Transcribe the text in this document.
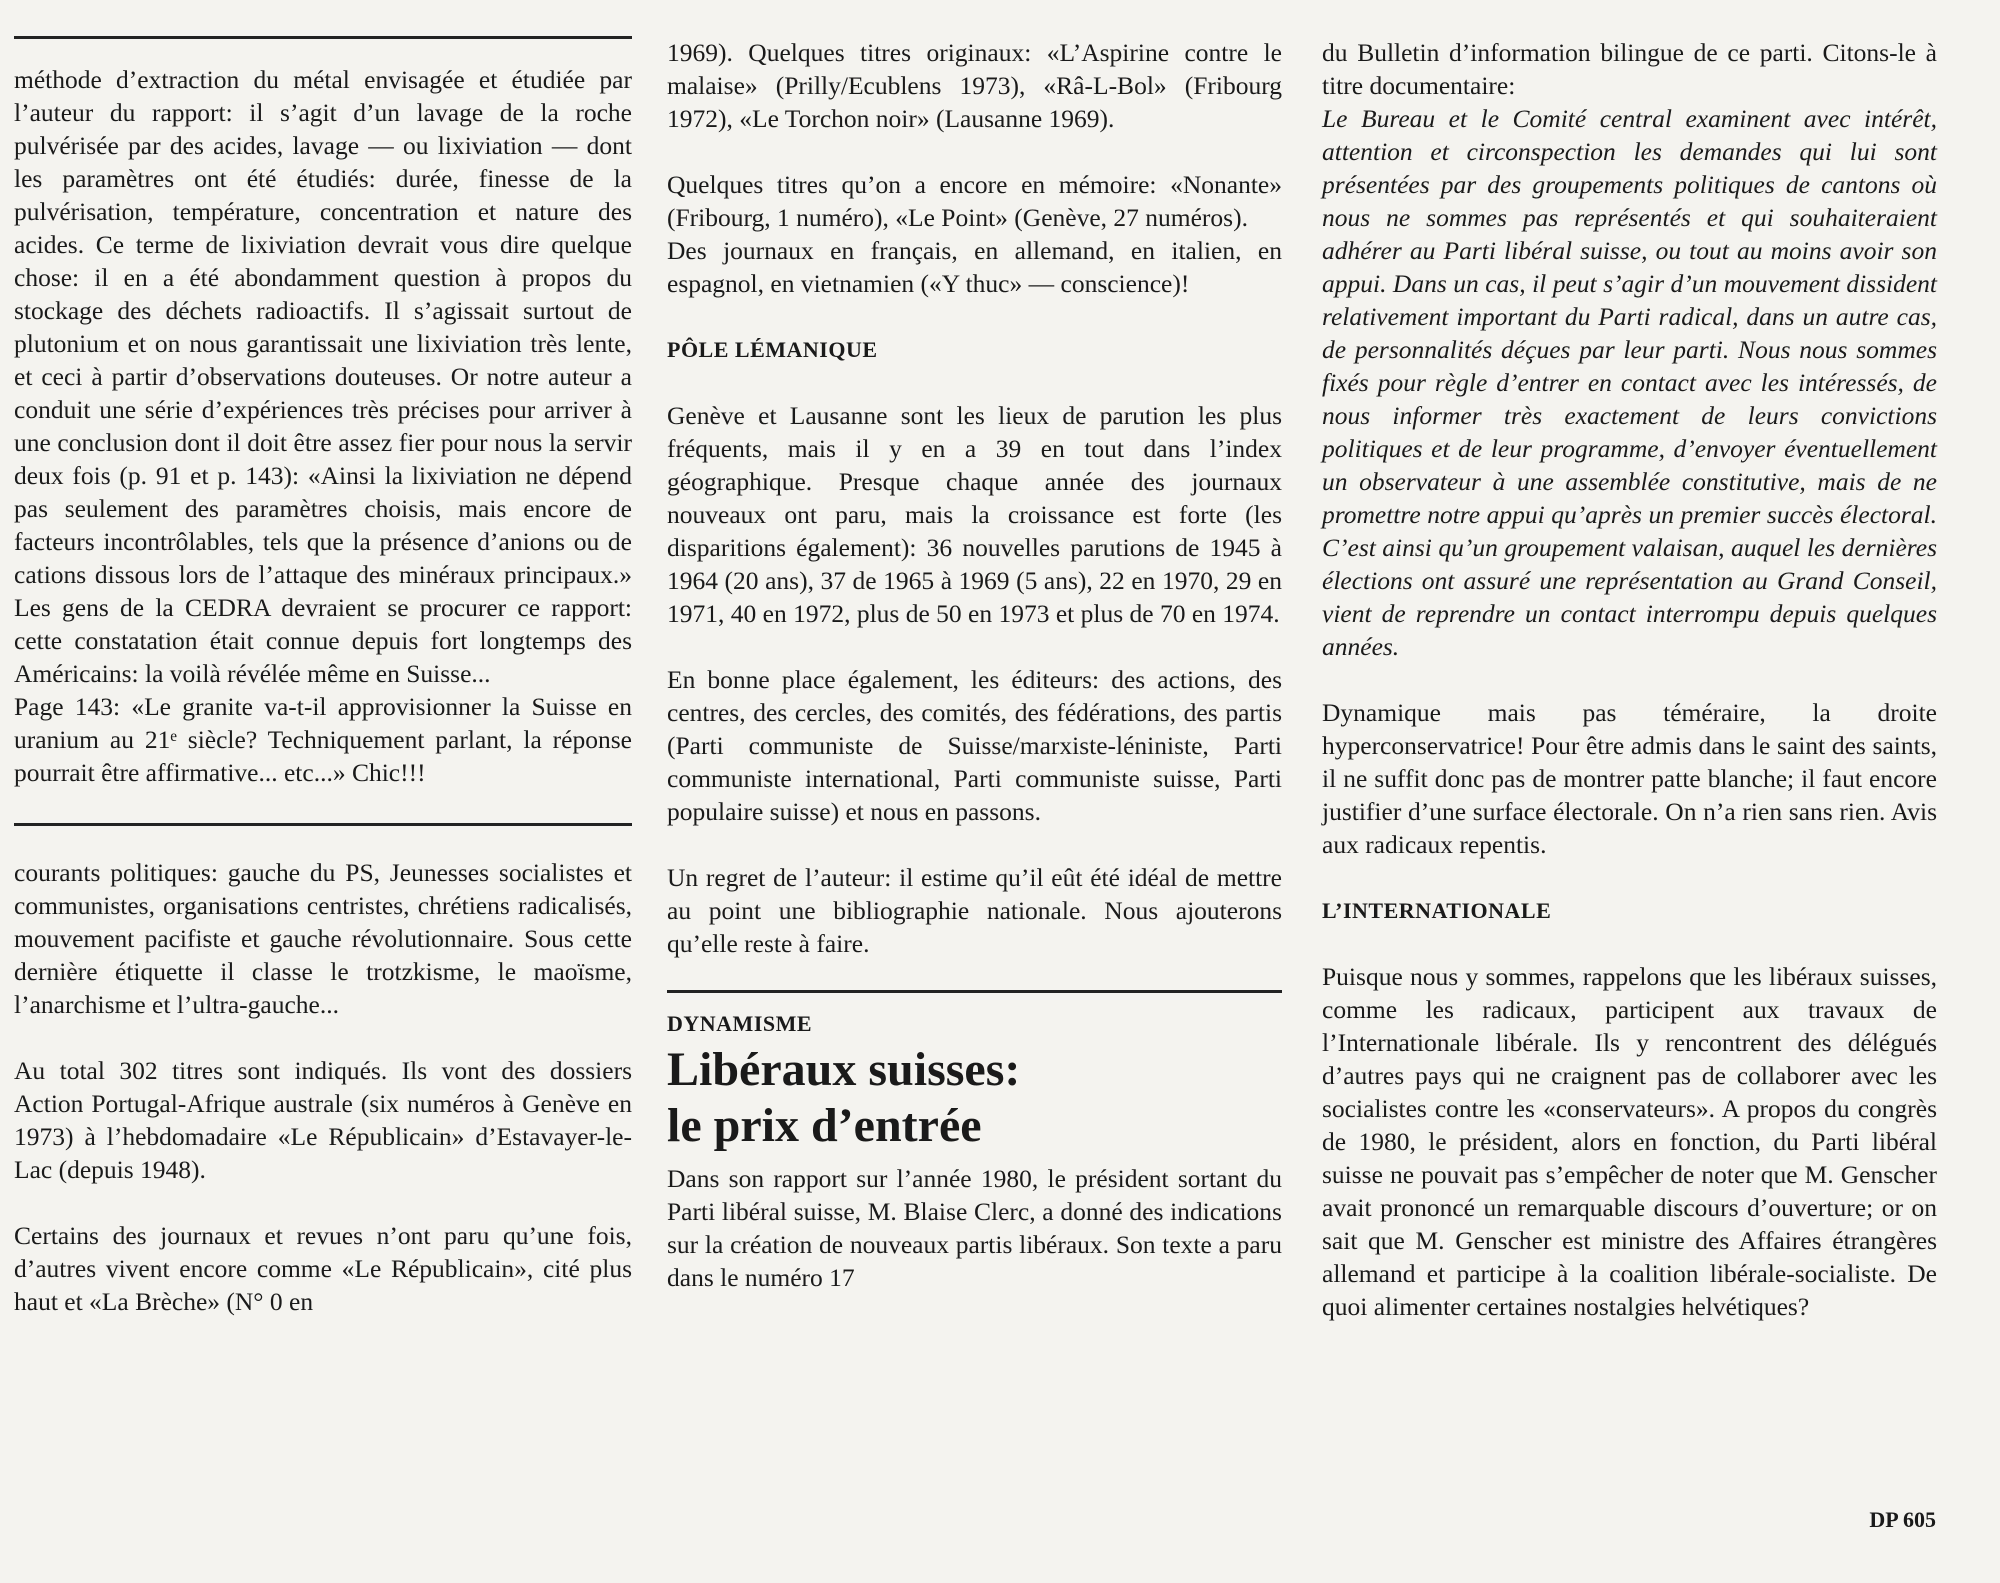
méthode d’extraction du métal envisagée et étudiée par l’auteur du rapport: il s’agit d’un lavage de la roche pulvérisée par des acides, lavage — ou lixiviation — dont les paramètres ont été étudiés: durée, finesse de la pulvérisation, température, concentration et nature des acides. Ce terme de lixiviation devrait vous dire quelque chose: il en a été abondamment question à propos du stockage des déchets radioactifs. Il s’agissait surtout de plutonium et on nous garantissait une lixiviation très lente, et ceci à partir d’observations douteuses. Or notre auteur a conduit une série d’expériences très précises pour arriver à une conclusion dont il doit être assez fier pour nous la servir deux fois (p. 91 et p. 143): «Ainsi la lixiviation ne dépend pas seulement des paramètres choisis, mais encore de facteurs incontrôlables, tels que la présence d’anions ou de cations dissous lors de l’attaque des minéraux principaux.» Les gens de la CEDRA devraient se procurer ce rapport: cette constatation était connue depuis fort longtemps des Américains: la voilà révélée même en Suisse...

Page 143: «Le granite va-t-il approvisionner la Suisse en uranium au 21ᵉ siècle? Techniquement parlant, la réponse pourrait être affirmative... etc...» Chic!!!

courants politiques: gauche du PS, Jeunesses socialistes et communistes, organisations centristes, chrétiens radicalisés, mouvement pacifiste et gauche révolutionnaire. Sous cette dernière étiquette il classe le trotzkisme, le maoïsme, l’anarchisme et l’ultra-gauche...

Au total 302 titres sont indiqués. Ils vont des dossiers Action Portugal-Afrique australe (six numéros à Genève en 1973) à l’hebdomadaire «Le Républicain» d’Estavayer-le-Lac (depuis 1948).

Certains des journaux et revues n’ont paru qu’une fois, d’autres vivent encore comme «Le Républicain», cité plus haut et «La Brèche» (N° 0 en

1969). Quelques titres originaux: «L’Aspirine contre le malaise» (Prilly/Ecublens 1973), «Râ-L-Bol» (Fribourg 1972), «Le Torchon noir» (Lausanne 1969).

Quelques titres qu’on a encore en mémoire: «Nonante» (Fribourg, 1 numéro), «Le Point» (Genève, 27 numéros).

Des journaux en français, en allemand, en italien, en espagnol, en vietnamien («Y thuc» — conscience)!

PÔLE LÉMANIQUE

Genève et Lausanne sont les lieux de parution les plus fréquents, mais il y en a 39 en tout dans l’index géographique. Presque chaque année des journaux nouveaux ont paru, mais la croissance est forte (les disparitions également): 36 nouvelles parutions de 1945 à 1964 (20 ans), 37 de 1965 à 1969 (5 ans), 22 en 1970, 29 en 1971, 40 en 1972, plus de 50 en 1973 et plus de 70 en 1974.

En bonne place également, les éditeurs: des actions, des centres, des cercles, des comités, des fédérations, des partis (Parti communiste de Suisse/marxiste-léniniste, Parti communiste international, Parti communiste suisse, Parti populaire suisse) et nous en passons.

Un regret de l’auteur: il estime qu’il eût été idéal de mettre au point une bibliographie nationale. Nous ajouterons qu’elle reste à faire.

DYNAMISME
Libéraux suisses:
le prix d’entrée

Dans son rapport sur l’année 1980, le président sortant du Parti libéral suisse, M. Blaise Clerc, a donné des indications sur la création de nouveaux partis libéraux. Son texte a paru dans le numéro 17

du Bulletin d’information bilingue de ce parti. Citons-le à titre documentaire:

Le Bureau et le Comité central examinent avec intérêt, attention et circonspection les demandes qui lui sont présentées par des groupements politiques de cantons où nous ne sommes pas représentés et qui souhaiteraient adhérer au Parti libéral suisse, ou tout au moins avoir son appui. Dans un cas, il peut s’agir d’un mouvement dissident relativement important du Parti radical, dans un autre cas, de personnalités déçues par leur parti. Nous nous sommes fixés pour règle d’entrer en contact avec les intéressés, de nous informer très exactement de leurs convictions politiques et de leur programme, d’envoyer éventuellement un observateur à une assemblée constitutive, mais de ne promettre notre appui qu’après un premier succès électoral. C’est ainsi qu’un groupement valaisan, auquel les dernières élections ont assuré une représentation au Grand Conseil, vient de reprendre un contact interrompu depuis quelques années.

Dynamique mais pas téméraire, la droite hyperconservatrice! Pour être admis dans le saint des saints, il ne suffit donc pas de montrer patte blanche; il faut encore justifier d’une surface électorale. On n’a rien sans rien. Avis aux radicaux repentis.

L’INTERNATIONALE

Puisque nous y sommes, rappelons que les libéraux suisses, comme les radicaux, participent aux travaux de l’Internationale libérale. Ils y rencontrent des délégués d’autres pays qui ne craignent pas de collaborer avec les socialistes contre les «conservateurs». A propos du congrès de 1980, le président, alors en fonction, du Parti libéral suisse ne pouvait pas s’empêcher de noter que M. Genscher avait prononcé un remarquable discours d’ouverture; or on sait que M. Genscher est ministre des Affaires étrangères allemand et participe à la coalition libérale-socialiste. De quoi alimenter certaines nostalgies helvétiques?

DP 605
